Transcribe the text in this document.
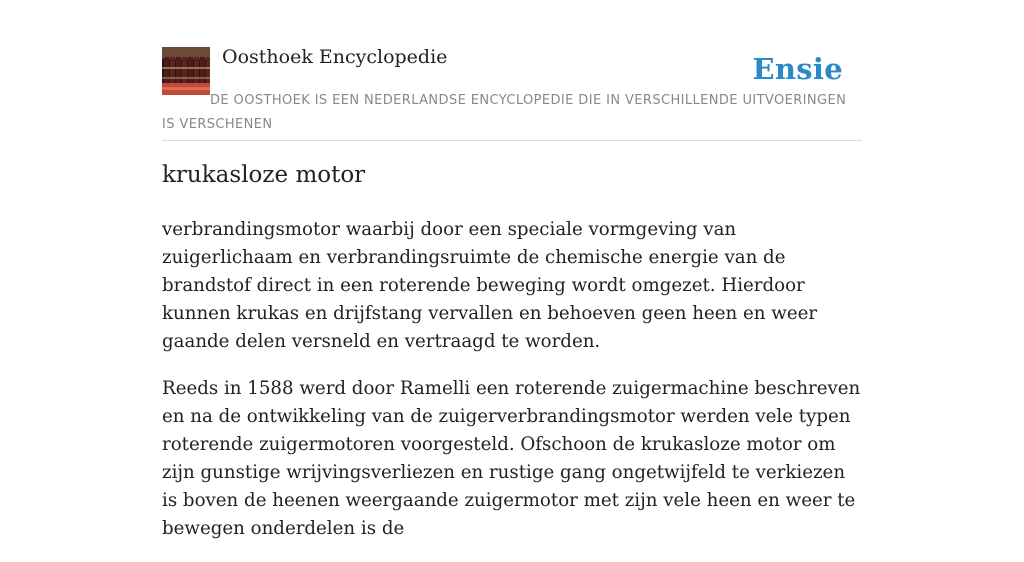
Oosthoek Encyclopedie	Ensie
DE OOSTHOEK IS EEN NEDERLANDSE ENCYCLOPEDIE DIE IN VERSCHILLENDE UITVOERINGEN IS VERSCHENEN
krukasloze motor

verbrandingsmotor waarbij door een speciale vormgeving van zuigerlichaam en verbrandingsruimte de chemische energie van de brandstof direct in een roterende beweging wordt omgezet. Hierdoor kunnen krukas en drijfstang vervallen en behoeven geen heen en weer gaande delen versneld en vertraagd te worden.

Reeds in 1588 werd door Ramelli een roterende zuigermachine beschreven en na de ontwikkeling van de zuigerverbrandingsmotor werden vele typen roterende zuigermotoren voorgesteld. Ofschoon de krukasloze motor om zijn gunstige wrijvingsverliezen en rustige gang ongetwijfeld te verkiezen is boven de heenen weergaande zuigermotor met zijn vele heen en weer te bewegen onderdelen is de
